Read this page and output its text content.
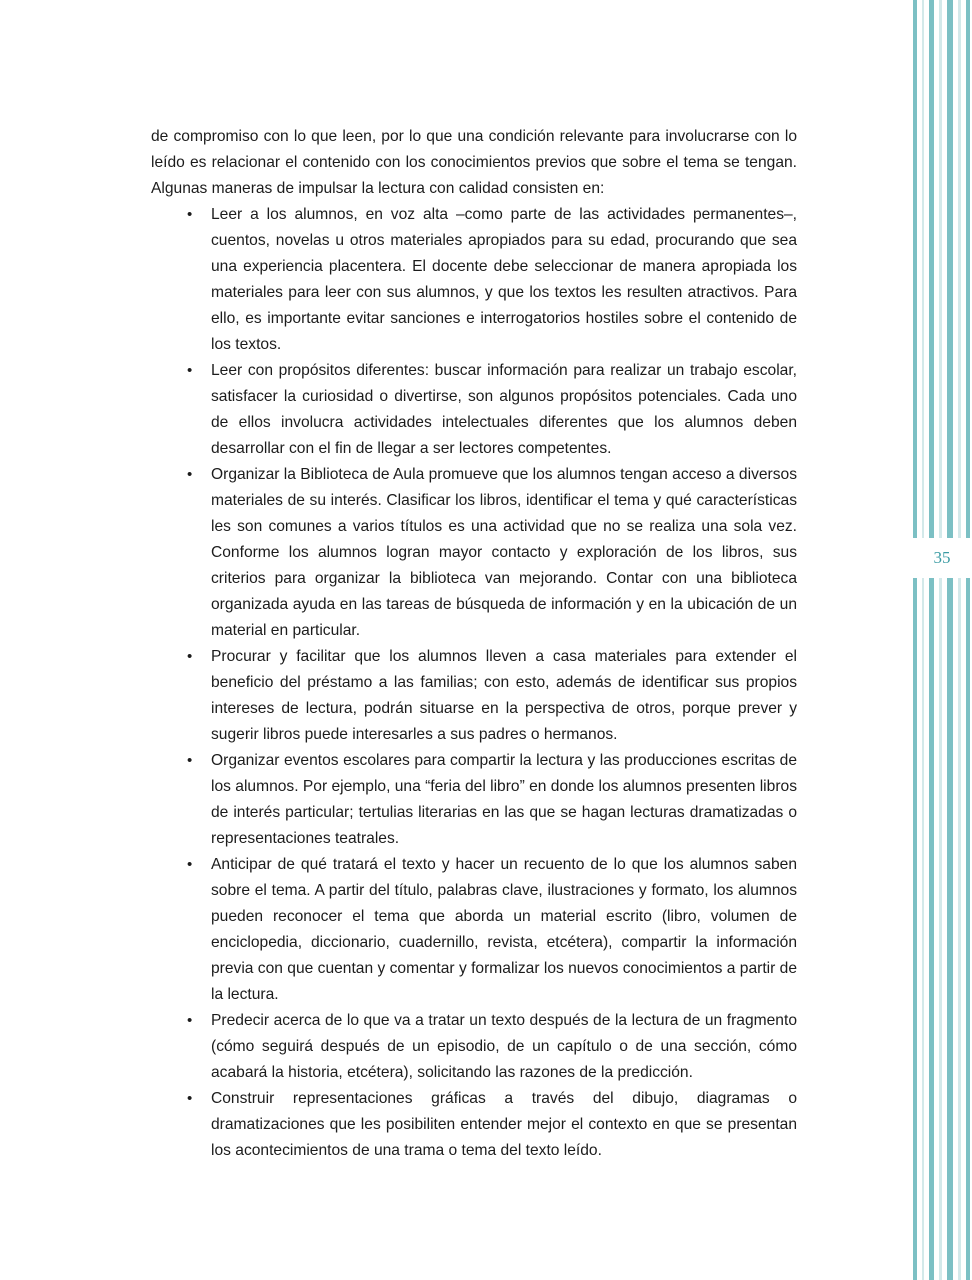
35

de compromiso con lo que leen, por lo que una condición relevante para involucrarse con lo leído es relacionar el contenido con los conocimientos previos que sobre el tema se tengan. Algunas maneras de impulsar la lectura con calidad consisten en:

• Leer a los alumnos, en voz alta –como parte de las actividades permanentes–, cuentos, novelas u otros materiales apropiados para su edad, procurando que sea una experiencia placentera. El docente debe seleccionar de manera apropiada los materiales para leer con sus alumnos, y que los textos les resulten atractivos. Para ello, es importante evitar sanciones e interrogatorios hostiles sobre el contenido de los textos.
• Leer con propósitos diferentes: buscar información para realizar un trabajo escolar, satisfacer la curiosidad o divertirse, son algunos propósitos potenciales. Cada uno de ellos involucra actividades intelectuales diferentes que los alumnos deben desarrollar con el fin de llegar a ser lectores competentes.
• Organizar la Biblioteca de Aula promueve que los alumnos tengan acceso a diversos materiales de su interés. Clasificar los libros, identificar el tema y qué características les son comunes a varios títulos es una actividad que no se realiza una sola vez. Conforme los alumnos logran mayor contacto y exploración de los libros, sus criterios para organizar la biblioteca van mejorando. Contar con una biblioteca organizada ayuda en las tareas de búsqueda de información y en la ubicación de un material en particular.
• Procurar y facilitar que los alumnos lleven a casa materiales para extender el beneficio del préstamo a las familias; con esto, además de identificar sus propios intereses de lectura, podrán situarse en la perspectiva de otros, porque prever y sugerir libros puede interesarles a sus padres o hermanos.
• Organizar eventos escolares para compartir la lectura y las producciones escritas de los alumnos. Por ejemplo, una “feria del libro” en donde los alumnos presenten libros de interés particular; tertulias literarias en las que se hagan lecturas dramatizadas o representaciones teatrales.
• Anticipar de qué tratará el texto y hacer un recuento de lo que los alumnos saben sobre el tema. A partir del título, palabras clave, ilustraciones y formato, los alumnos pueden reconocer el tema que aborda un material escrito (libro, volumen de enciclopedia, diccionario, cuadernillo, revista, etcétera), compartir la información previa con que cuentan y comentar y formalizar los nuevos conocimientos a partir de la lectura.
• Predecir acerca de lo que va a tratar un texto después de la lectura de un fragmento (cómo seguirá después de un episodio, de un capítulo o de una sección, cómo acabará la historia, etcétera), solicitando las razones de la predicción.
• Construir representaciones gráficas a través del dibujo, diagramas o dramatizaciones que les posibiliten entender mejor el contexto en que se presentan los acontecimientos de una trama o tema del texto leído.
